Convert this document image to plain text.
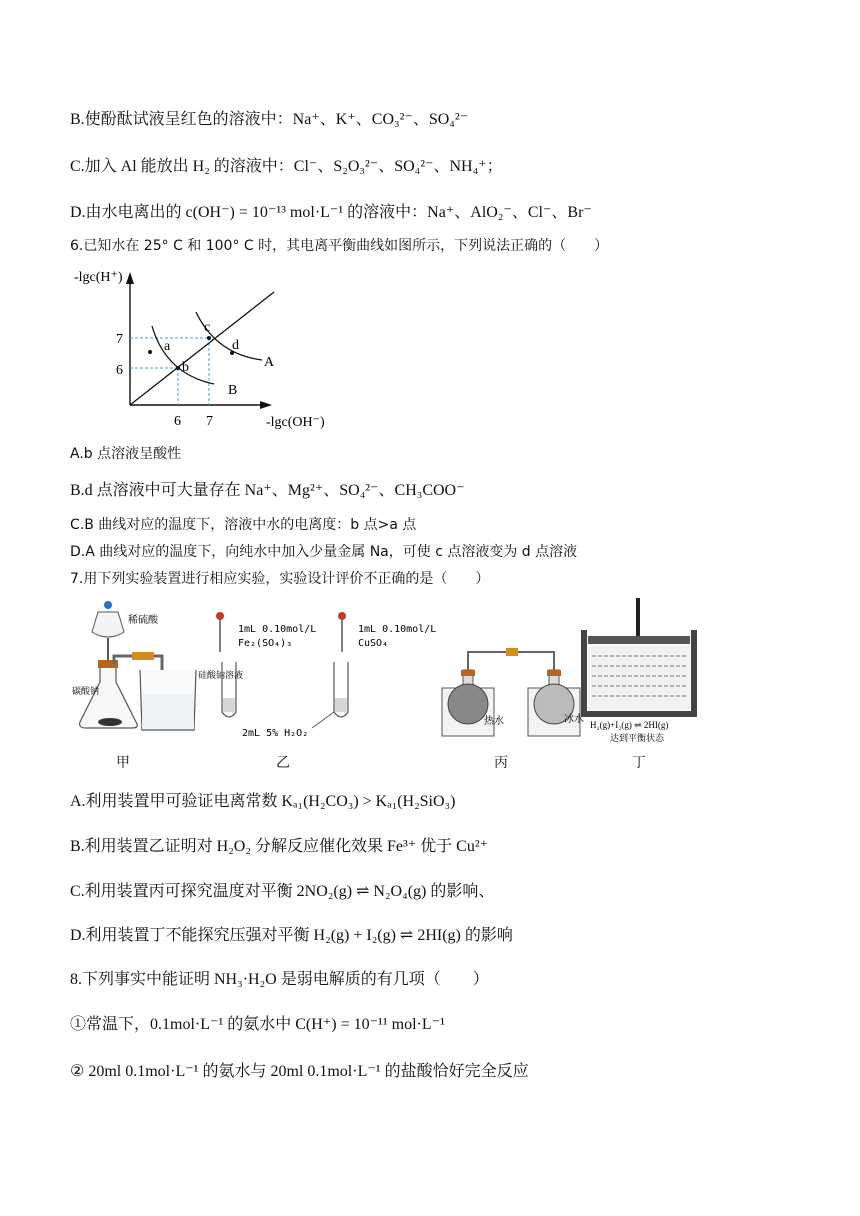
B.使酚酞试液呈红色的溶液中：Na⁺、K⁺、CO₃²⁻、SO₄²⁻
C.加入 Al 能放出 H₂ 的溶液中：Cl⁻、S₂O₃²⁻、SO₄²⁻、NH₄⁺；
D.由水电离出的 c(OH⁻) = 10⁻¹³ mol·L⁻¹ 的溶液中：Na⁺、AlO₂⁻、Cl⁻、Br⁻
6.已知水在 25° C 和 100° C 时，其电离平衡曲线如图所示，下列说法正确的（　　）
-lgc(H⁺)
-lgc(OH⁻)
7
6
6 7
a
b
c
d
A
B
A.b 点溶液呈酸性
B.d 点溶液中可大量存在 Na⁺、Mg²⁺、SO₄²⁻、CH₃COO⁻
C.B 曲线对应的温度下，溶液中水的电离度：b 点>a 点
D.A 曲线对应的温度下，向纯水中加入少量金属 Na，可使 c 点溶液变为 d 点溶液
7.用下列实验装置进行相应实验，实验设计评价不正确的是（　　）
稀硫酸
碳酸钠
硅酸钠溶液
1mL 0.10mol/L
Fe₂(SO₄)₃
1mL 0.10mol/L
CuSO₄
2mL 5% H₂O₂
热水	冰水 H₂(g)+I₂(g) ⇌ 2HI(g)
达到平衡状态
甲	乙	丙	丁
A.利用装置甲可验证电离常数 Kₐ₁(H₂CO₃) > Kₐ₁(H₂SiO₃)
B.利用装置乙证明对 H₂O₂ 分解反应催化效果 Fe³⁺ 优于 Cu²⁺
C.利用装置丙可探究温度对平衡 2NO₂(g) ⇌ N₂O₄(g) 的影响、
D.利用装置丁不能探究压强对平衡 H₂(g) + I₂(g) ⇌ 2HI(g) 的影响
8.下列事实中能证明 NH₃·H₂O 是弱电解质的有几项（　　）
①常温下，0.1mol·L⁻¹ 的氨水中 C(H⁺) = 10⁻¹¹ mol·L⁻¹
② 20ml 0.1mol·L⁻¹ 的氨水与 20ml 0.1mol·L⁻¹ 的盐酸恰好完全反应
